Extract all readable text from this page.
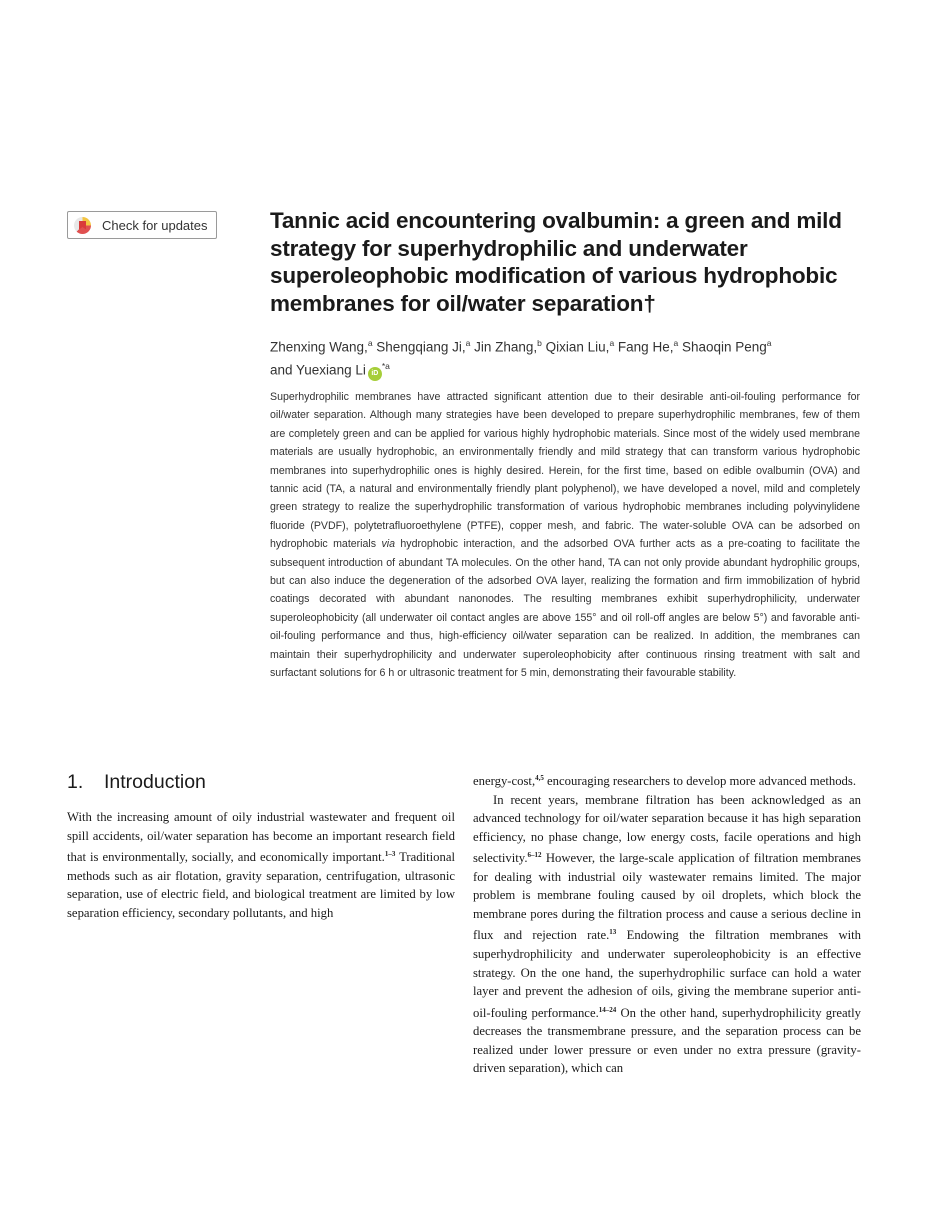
Check for updates	Tannic acid encountering ovalbumin: a green and mild strategy for superhydrophilic and underwater superoleophobic modification of various hydrophobic membranes for oil/water separation†

Zhenxing Wang,$^a$ Shengqiang Ji,$^a$ Jin Zhang,$^b$ Qixian Liu,$^a$ Fang He,$^a$ Shaoqin Peng$^a$
and Yuexiang Li $iD^{*a}$

Superhydrophilic membranes have attracted significant attention due to their desirable anti-oil-fouling performance for oil/water separation. Although many strategies have been developed to prepare superhydrophilic membranes, few of them are completely green and can be applied for various highly hydrophobic materials. Since most of the widely used membrane materials are usually hydrophobic, an environmentally friendly and mild strategy that can transform various hydrophobic membranes into superhydrophilic ones is highly desired. Herein, for the first time, based on edible ovalbumin (OVA) and tannic acid (TA, a natural and environmentally friendly plant polyphenol), we have developed a novel, mild and completely green strategy to realize the superhydrophilic transformation of various hydrophobic membranes including polyvinylidene fluoride (PVDF), polytetrafluoroethylene (PTFE), copper mesh, and fabric. The water-soluble OVA can be adsorbed on hydrophobic materials via hydrophobic interaction, and the adsorbed OVA further acts as a pre-coating to facilitate the subsequent introduction of abundant TA molecules. On the other hand, TA can not only provide abundant hydrophilic groups, but can also induce the degeneration of the adsorbed OVA layer, realizing the formation and firm immobilization of hybrid coatings decorated with abundant nanonodes. The resulting membranes exhibit superhydrophilicity, underwater superoleophobicity (all underwater oil contact angles are above 155° and oil roll-off angles are below 5°) and favorable anti-oil-fouling performance and thus, high-efficiency oil/water separation can be realized. In addition, the membranes can maintain their superhydrophilicity and underwater superoleophobicity after continuous rinsing treatment with salt and surfactant solutions for 6 h or ultrasonic treatment for 5 min, demonstrating their favourable stability.

1. Introduction

With the increasing amount of oily industrial wastewater and frequent oil spill accidents, oil/water separation has become an important research field that is environmentally, socially, and economically important.$^{1-3}$ Traditional methods such as air flotation, gravity separation, centrifugation, ultrasonic separation, use of electric field, and biological treatment are limited by low separation efficiency, secondary pollutants, and high

energy-cost,$^{4,5}$ encouraging researchers to develop more advanced methods.

In recent years, membrane filtration has been acknowledged as an advanced technology for oil/water separation because it has high separation efficiency, no phase change, low energy costs, facile operations and high selectivity.$^{6-12}$ However, the large-scale application of filtration membranes for dealing with industrial oily wastewater remains limited. The major problem is membrane fouling caused by oil droplets, which block the membrane pores during the filtration process and cause a serious decline in flux and rejection rate.$^{13}$ Endowing the filtration membranes with superhydrophilicity and underwater superoleophobicity is an effective strategy. On the one hand, the superhydrophilic surface can hold a water layer and prevent the adhesion of oils, giving the membrane superior anti-oil-fouling performance.$^{14-24}$ On the other hand, superhydrophilicity greatly decreases the transmembrane pressure, and the separation process can be realized under lower pressure or even under no extra pressure (gravity-driven separation), which can
